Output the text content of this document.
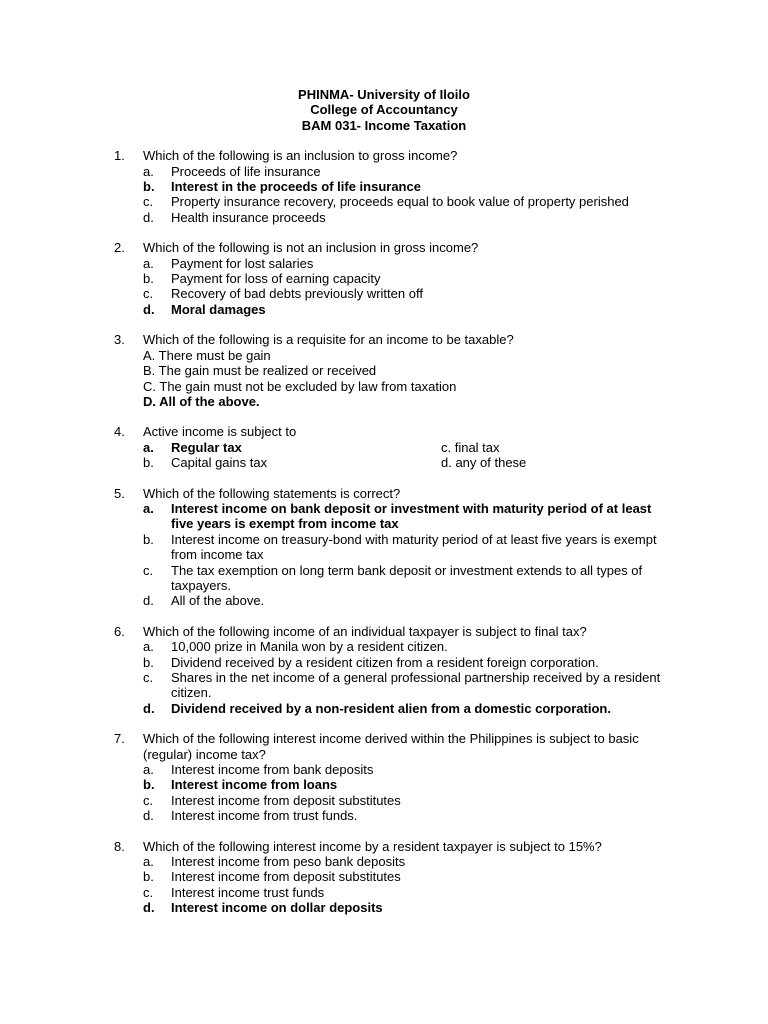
PHINMA- University of Iloilo
College of Accountancy
BAM 031- Income Taxation
1.	Which of the following is an inclusion to gross income?
a.	Proceeds of life insurance
b.	Interest in the proceeds of life insurance
c.	Property insurance recovery, proceeds equal to book value of property perished
d.	Health insurance proceeds
2.	Which of the following is not an inclusion in gross income?
a.	Payment for lost salaries
b.	Payment for loss of earning capacity
c.	Recovery of bad debts previously written off
d.	Moral damages
3.	Which of the following is a requisite for an income to be taxable?
A. There must be gain
B. The gain must be realized or received
C. The gain must not be excluded by law from taxation
D. All of the above.
4.	Active income is subject to
a.	Regular tax	c. final tax
b.	Capital gains tax	d. any of these
5.	Which of the following statements is correct?
a.	Interest income on bank deposit or investment with maturity period of at least five years is exempt from income tax
b.	Interest income on treasury-bond with maturity period of at least five years is exempt from income tax
c.	The tax exemption on long term bank deposit or investment extends to all types of taxpayers.
d.	All of the above.
6.	Which of the following income of an individual taxpayer is subject to final tax?
a.	10,000 prize in Manila won by a resident citizen.
b.	Dividend received by a resident citizen from a resident foreign corporation.
c.	Shares in the net income of a general professional partnership received by a resident citizen.
d.	Dividend received by a non-resident alien from a domestic corporation.
7.	Which of the following interest income derived within the Philippines is subject to basic (regular) income tax?
a.	Interest income from bank deposits
b.	Interest income from loans
c.	Interest income from deposit substitutes
d.	Interest income from trust funds.
8.	Which of the following interest income by a resident taxpayer is subject to 15%?
a.	Interest income from peso bank deposits
b.	Interest income from deposit substitutes
c.	Interest income trust funds
d.	Interest income on dollar deposits
